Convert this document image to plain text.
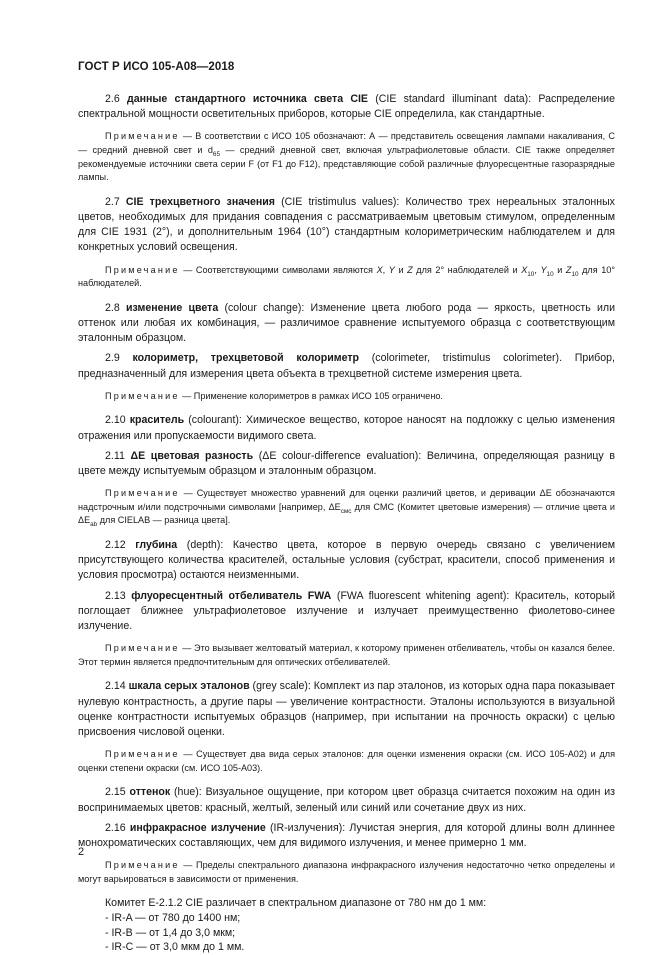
ГОСТ Р ИСО 105-A08—2018

2.6 данные стандартного источника света CIE (CIE standard illuminant data): Распределение спектральной мощности осветительных приборов, которые CIE определила, как стандартные.

Примечание — В соответствии с ИСО 105 обозначают: А — представитель освещения лампами накаливания, С — средний дневной свет и $d_{65}$ — средний дневной свет, включая ультрафиолетовые области. CIE также определяет рекомендуемые источники света серии F (от F1 до F12), представляющие собой различные флуоресцентные газоразрядные лампы.

2.7 CIE трехцветного значения (CIE tristimulus values): Количество трех нереальных эталонных цветов, необходимых для придания совпадения с рассматриваемым цветовым стимулом, определенным для CIE 1931 (2°), и дополнительным 1964 (10°) стандартным колориметрическим наблюдателем и для конкретных условий освещения.

Примечание — Соответствующими символами являются X, Y и Z для 2° наблюдателей и $X_{10}$, $Y_{10}$ и $Z_{10}$ для 10° наблюдателей.

2.8 изменение цвета (colour change): Изменение цвета любого рода — яркость, цветность или оттенок или любая их комбинация, — различимое сравнение испытуемого образца с соответствующим эталонным образцом.

2.9 колориметр, трехцветовой колориметр (colorimeter, tristimulus colorimeter). Прибор, предназначенный для измерения цвета объекта в трехцветной системе измерения цвета.

Примечание — Применение колориметров в рамках ИСО 105 ограничено.

2.10 краситель (colourant): Химическое вещество, которое наносят на подложку с целью изменения отражения или пропускаемости видимого света.

2.11 ΔE цветовая разность (ΔE colour-difference evaluation): Величина, определяющая разницу в цвете между испытуемым образцом и эталонным образцом.

Примечание — Существует множество уравнений для оценки различий цветов, и деривации ΔE обозначаются надстрочным и/или подстрочными символами [например, $\Delta E_{cмс}$ для CMC (Комитет цветовые измерения) — отличие цвета и $\Delta E_{ab}$ для CIELAB — разница цвета].

2.12 глубина (depth): Качество цвета, которое в первую очередь связано с увеличением присутствующего количества красителей, остальные условия (субстрат, красители, способ применения и условия просмотра) остаются неизменными.

2.13 флуоресцентный отбеливатель FWA (FWA fluorescent whitening agent): Краситель, который поглощает ближнее ультрафиолетовое излучение и излучает преимущественно фиолетово-синее излучение.

Примечание — Это вызывает желтоватый материал, к которому применен отбеливатель, чтобы он казался белее. Этот термин является предпочтительным для оптических отбеливателей.

2.14 шкала серых эталонов (grey scale): Комплект из пар эталонов, из которых одна пара показывает нулевую контрастность, а другие пары — увеличение контрастности. Эталоны используются в визуальной оценке контрастности испытуемых образцов (например, при испытании на прочность окраски) с целью присвоения числовой оценки.

Примечание — Существует два вида серых эталонов: для оценки изменения окраски (см. ИСО 105-A02) и для оценки степени окраски (см. ИСО 105-A03).

2.15 оттенок (hue): Визуальное ощущение, при котором цвет образца считается похожим на один из воспринимаемых цветов: красный, желтый, зеленый или синий или сочетание двух из них.

2.16 инфракрасное излучение (IR-излучения): Лучистая энергия, для которой длины волн длиннее монохроматических составляющих, чем для видимого излучения, и менее примерно 1 мм.

Примечание — Пределы спектрального диапазона инфракрасного излучения недостаточно четко определены и могут варьироваться в зависимости от применения.

Комитет Е-2.1.2 CIE различает в спектральном диапазоне от 780 нм до 1 мм:

- IR-A — от 780 до 1400 нм;
- IR-B — от 1,4 до 3,0 мкм;
- IR-C — от 3,0 мкм до 1 мм.
2
